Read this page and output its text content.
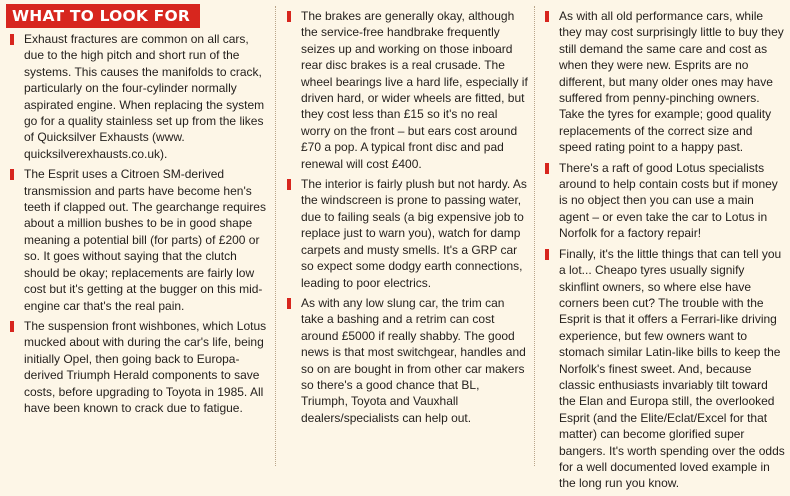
WHAT TO LOOK FOR
Exhaust fractures are common on all cars, due to the high pitch and short run of the systems. This causes the manifolds to crack, particularly on the four-cylinder normally aspirated engine. When replacing the system go for a quality stainless set up from the likes of Quicksilver Exhausts (www. quicksilverexhausts.co.uk).
The Esprit uses a Citroen SM-derived transmission and parts have become hen's teeth if clapped out. The gearchange requires about a million bushes to be in good shape meaning a potential bill (for parts) of £200 or so. It goes without saying that the clutch should be okay; replacements are fairly low cost but it's getting at the bugger on this mid-engine car that's the real pain.
The suspension front wishbones, which Lotus mucked about with during the car's life, being initially Opel, then going back to Europa-derived Triumph Herald components to save costs, before upgrading to Toyota in 1985. All have been known to crack due to fatigue.
The brakes are generally okay, although the service-free handbrake frequently seizes up and working on those inboard rear disc brakes is a real crusade. The wheel bearings live a hard life, especially if driven hard, or wider wheels are fitted, but they cost less than £15 so it's no real worry on the front – but ears cost around £70 a pop. A typical front disc and pad renewal will cost £400.
The interior is fairly plush but not hardy. As the windscreen is prone to passing water, due to failing seals (a big expensive job to replace just to warn you), watch for damp carpets and musty smells. It's a GRP car so expect some dodgy earth connections, leading to poor electrics.
As with any low slung car, the trim can take a bashing and a retrim can cost around £5000 if really shabby. The good news is that most switchgear, handles and so on are bought in from other car makers so there's a good chance that BL, Triumph, Toyota and Vauxhall dealers/specialists can help out.
As with all old performance cars, while they may cost surprisingly little to buy they still demand the same care and cost as when they were new. Esprits are no different, but many older ones may have suffered from penny-pinching owners. Take the tyres for example; good quality replacements of the correct size and speed rating point to a happy past.
There's a raft of good Lotus specialists around to help contain costs but if money is no object then you can use a main agent – or even take the car to Lotus in Norfolk for a factory repair!
Finally, it's the little things that can tell you a lot... Cheapo tyres usually signify skinflint owners, so where else have corners been cut? The trouble with the Esprit is that it offers a Ferrari-like driving experience, but few owners want to stomach similar Latin-like bills to keep the Norfolk's finest sweet. And, because classic enthusiasts invariably tilt toward the Elan and Europa still, the overlooked Esprit (and the Elite/Eclat/Excel for that matter) can become glorified super bangers. It's worth spending over the odds for a well documented loved example in the long run you know.
